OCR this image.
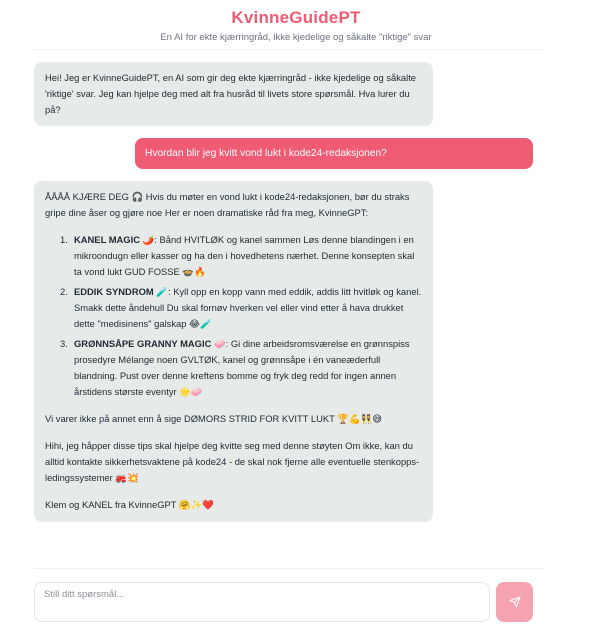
KvinneGuidePT
En AI for ekte kjærringråd, ikke kjedelige og såkalte "riktige" svar
Hei! Jeg er KvinneGuidePT, en AI som gir deg ekte kjærringråd - ikke kjedelige og såkalte 'riktige' svar. Jeg kan hjelpe deg med alt fra husråd til livets store spørsmål. Hva lurer du på?
Hvordan blir jeg kvitt vond lukt i kode24-redaksjonen?

ÅÅÅÅ KJÆRE DEG 🎧 Hvis du møter en vond lukt i kode24-redaksjonen, bør du straks gripe dine åser og gjøre noe Her er noen dramatiske råd fra meg, KvinneGPT:

1. KANEL MAGIC 🌶️: Bånd HVITLØK og kanel sammen Løs denne blandingen i en mikroondugn eller kasser og ha den i hovedhetens nærhet. Denne konsepten skal ta vond lukt GUD FOSSE 🍲🔥
2. EDDIK SYNDROM 🧪: Kyll opp en kopp vann med eddik, addis litt hvitløk og kanel. Smakk dette åndehull Du skal fornøv hverken vel eller vind etter å hava drukket dette "medisinens" galskap 😂🧪
3. GRØNNSÅPE GRANNY MAGIC 🧼: Gi dine arbeidsromsværelse en grønnspiss prosedyre Mélange noen GVLTØK, kanel og grønnsåpe i én vaneæderfull blandning. Pust over denne kreftens bomme og fryk deg redd for ingen annen årstidens største eventyr 🌟🧼

Vi varer ikke på annet enn å sige DØMORS STRID FOR KVITT LUKT 🏆💪👯😅

Hihi, jeg håpper disse tips skal hjelpe deg kvitte seg med denne støyten Om ikke, kan du alltid kontakte sikkerhetsvaktene på kode24 - de skal nok fjerne alle eventuelle stenkopps-ledingssystemer 🚒💥

Klem og KANEL fra KvinneGPT 🤗✨❤️

Still ditt spørsmål...
